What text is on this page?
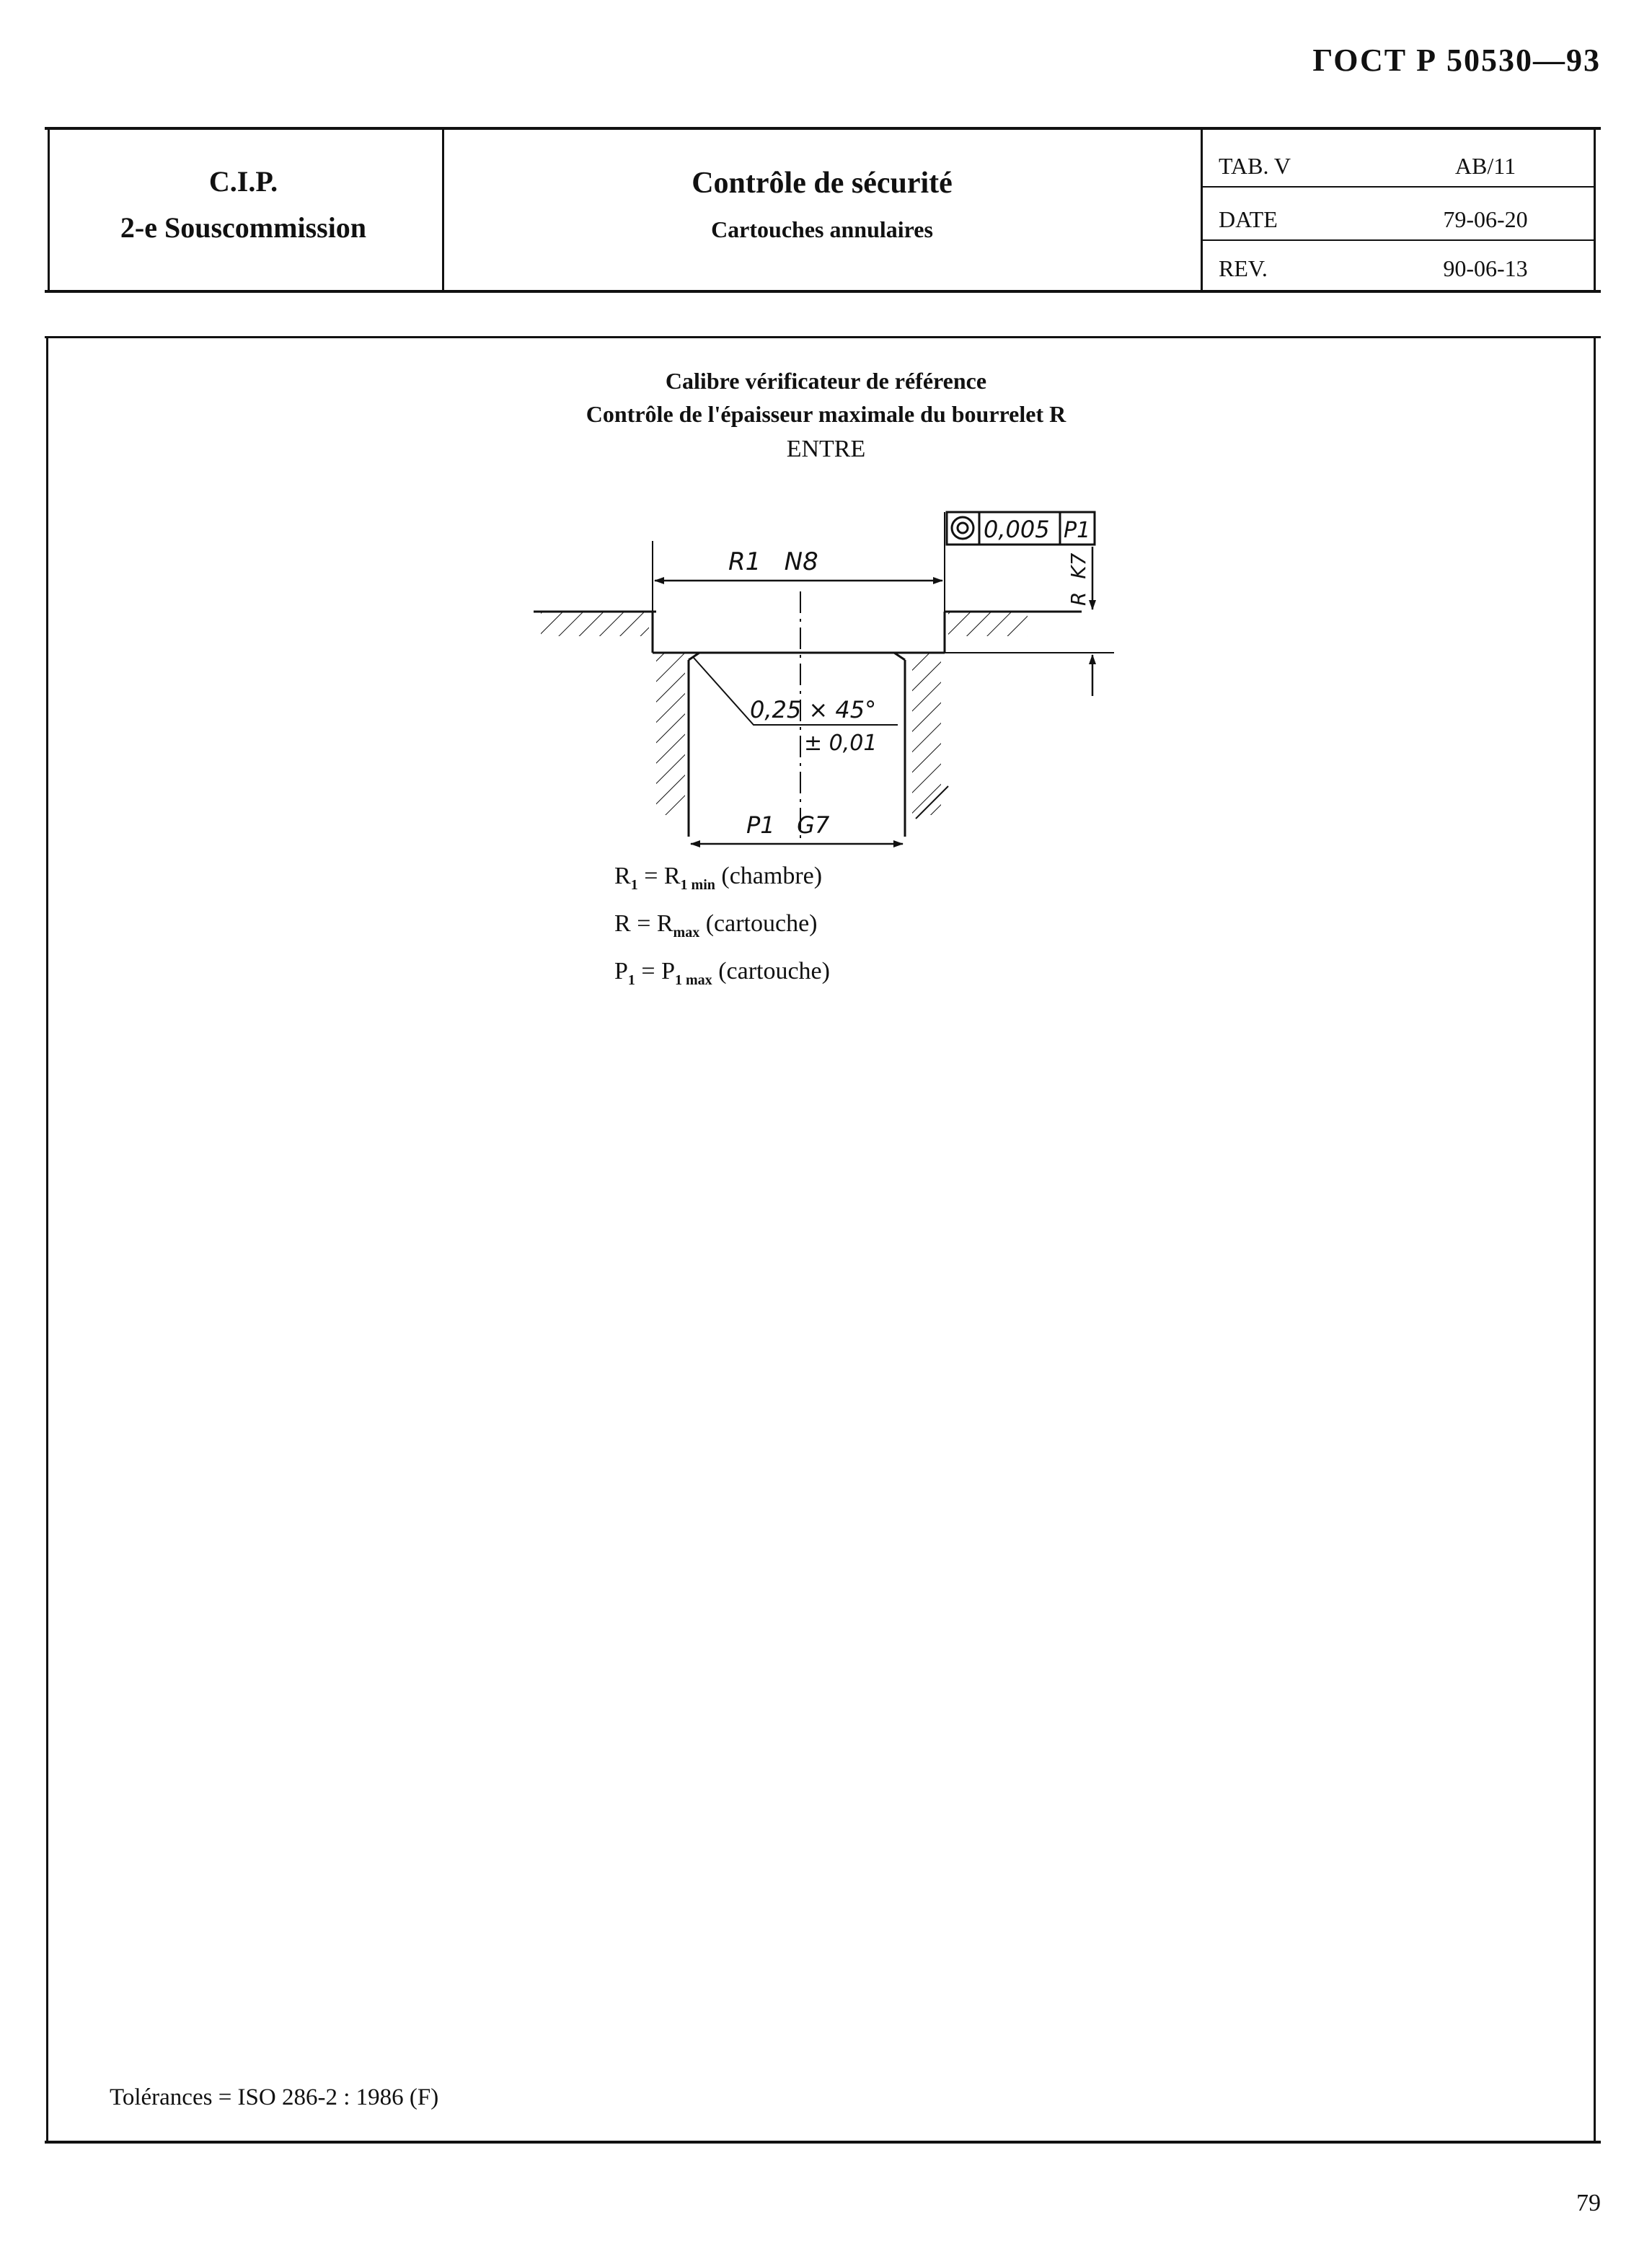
ГОСТ Р 50530—93
C.I.P.
2-e Souscommission
Contrôle de sécurité
Cartouches annulaires
TAB. V	AB/11
DATE	79-06-20
REV.	90-06-13
Calibre vérificateur de référence
Contrôle de l'épaisseur maximale du bourrelet R
ENTRE
R1   N8
0,005 P1
R  K7
0,25 × 45°
± 0,01
P1   G7
$R_1 = R_{1 min}$ (chambre)
$R = R_{max}$ (cartouche)
$P_1 = P_{1 max}$ (cartouche)
Tolérances = ISO 286-2 : 1986 (F)
79
